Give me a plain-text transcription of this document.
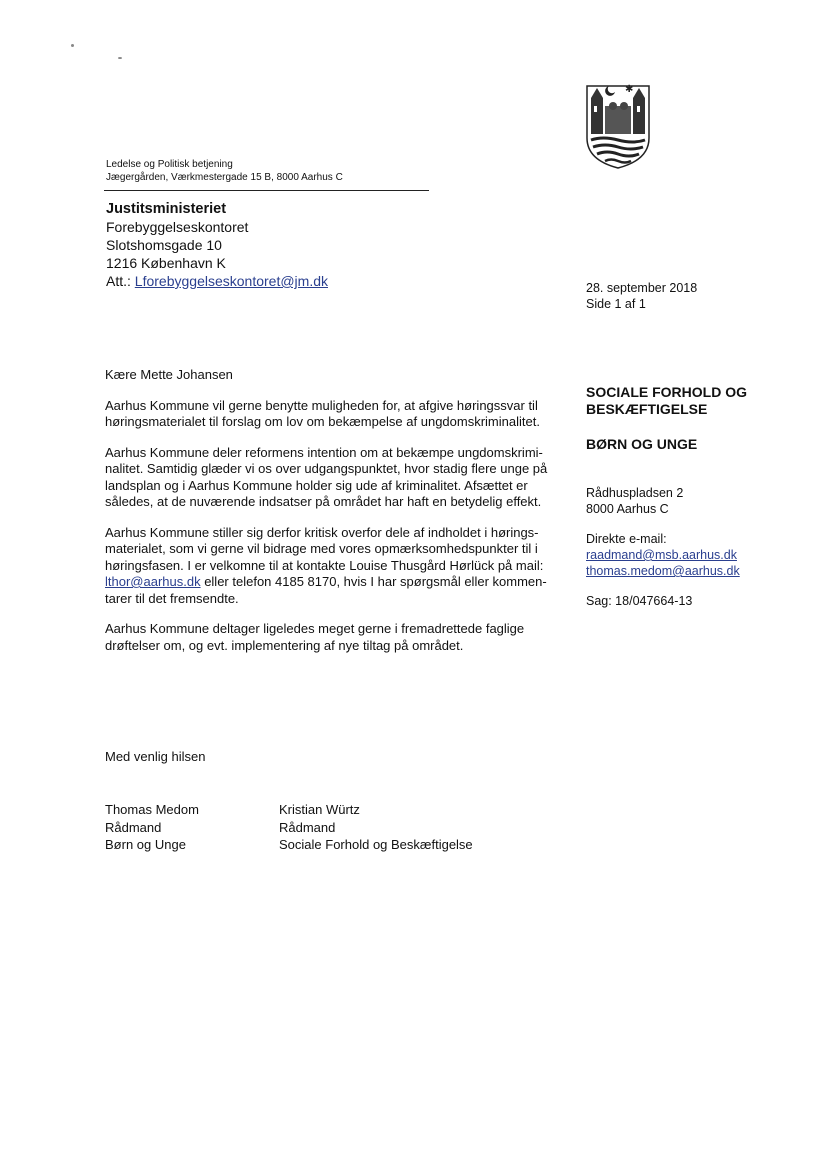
✱
Ledelse og Politisk betjening
Jægergården, Værkmestergade 15 B, 8000 Aarhus C
Justitsministeriet
Forebyggelseskontoret
Slotshomsgade 10
1216 København K
Att.: Lforebyggelseskontoret@jm.dk	28. september 2018
Side 1 af 1
SOCIALE FORHOLD OG
BESKÆFTIGELSE
BØRN OG UNGE
Rådhuspladsen 2
8000 Aarhus C
Direkte e-mail:
raadmand@msb.aarhus.dk
thomas.medom@aarhus.dk
Sag: 18/047664-13

Kære Mette Johansen

Aarhus Kommune vil gerne benytte muligheden for, at afgive høringssvar til høringsmaterialet til forslag om lov om bekæmpelse af ungdomskriminalitet.

Aarhus Kommune deler reformens intention om at bekæmpe ungdomskrimi-nalitet. Samtidig glæder vi os over udgangspunktet, hvor stadig flere unge på landsplan og i Aarhus Kommune holder sig ude af kriminalitet. Afsættet er således, at de nuværende indsatser på området har haft en betydelig effekt.

Aarhus Kommune stiller sig derfor kritisk overfor dele af indholdet i hørings-materialet, som vi gerne vil bidrage med vores opmærksomhedspunkter til i høringsfasen. I er velkomne til at kontakte Louise Thusgård Hørlück på mail: lthor@aarhus.dk eller telefon 4185 8170, hvis I har spørgsmål eller kommen-tarer til det fremsendte.

Aarhus Kommune deltager ligeledes meget gerne i fremadrettede faglige drøftelser om, og evt. implementering af nye tiltag på området.

Med venlig hilsen
Thomas Medom
Rådmand
Børn og Unge
Kristian Würtz
Rådmand
Sociale Forhold og Beskæftigelse
